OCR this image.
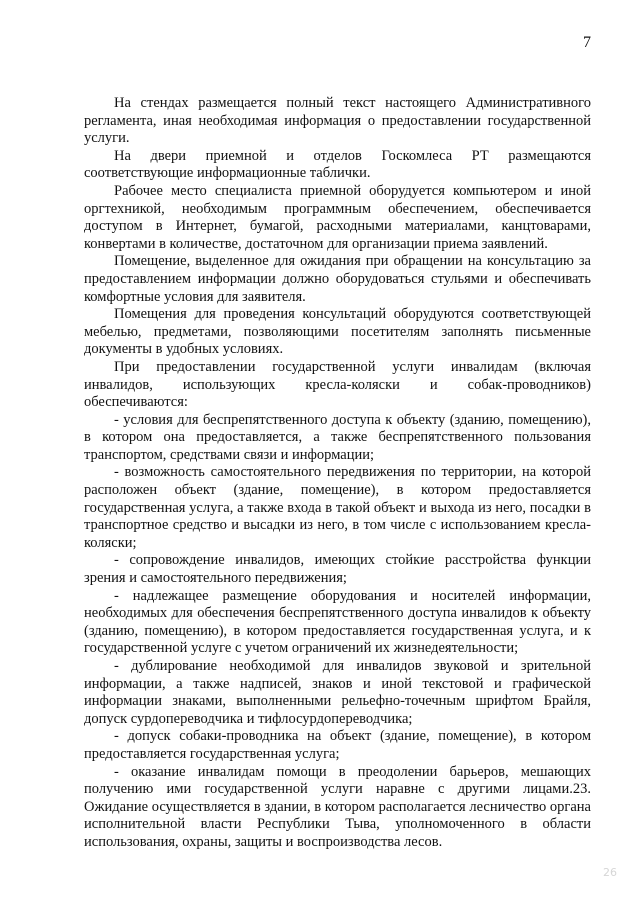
7

На стендах размещается полный текст настоящего Административного регламента, иная необходимая информация о предоставлении государственной услуги.

На двери приемной и отделов Госкомлеса РТ размещаются соответствующие информационные таблички.

Рабочее место специалиста приемной оборудуется компьютером и иной оргтехникой, необходимым программным обеспечением, обеспечивается доступом в Интернет, бумагой, расходными материалами, канцтоварами, конвертами в количестве, достаточном для организации приема заявлений.

Помещение, выделенное для ожидания при обращении на консультацию за предоставлением информации должно оборудоваться стульями и обеспечивать комфортные условия для заявителя.

Помещения для проведения консультаций оборудуются соответствующей мебелью, предметами, позволяющими посетителям заполнять письменные документы в удобных условиях.

При предоставлении государственной услуги инвалидам (включая инвалидов, использующих кресла-коляски и собак-проводников) обеспечиваются:

- условия для беспрепятственного доступа к объекту (зданию, помещению), в котором она предоставляется, а также беспрепятственного пользования транспортом, средствами связи и информации;

- возможность самостоятельного передвижения по территории, на которой расположен объект (здание, помещение), в котором предоставляется государственная услуга, а также входа в такой объект и выхода из него, посадки в транспортное средство и высадки из него, в том числе с использованием кресла-коляски;

- сопровождение инвалидов, имеющих стойкие расстройства функции зрения и самостоятельного передвижения;

- надлежащее размещение оборудования и носителей информации, необходимых для обеспечения беспрепятственного доступа инвалидов к объекту (зданию, помещению), в котором предоставляется государственная услуга, и к государственной услуге с учетом ограничений их жизнедеятельности;

- дублирование необходимой для инвалидов звуковой и зрительной информации, а также надписей, знаков и иной текстовой и графической информации знаками, выполненными рельефно-точечным шрифтом Брайля, допуск сурдопереводчика и тифлосурдопереводчика;

- допуск собаки-проводника на объект (здание, помещение), в котором предоставляется государственная услуга;

- оказание инвалидам помощи в преодолении барьеров, мешающих получению ими государственной услуги наравне с другими лицами.23. Ожидание осуществляется в здании, в котором располагается лесничество органа исполнительной власти Республики Тыва, уполномоченного в области использования, охраны, защиты и воспроизводства лесов.

26
